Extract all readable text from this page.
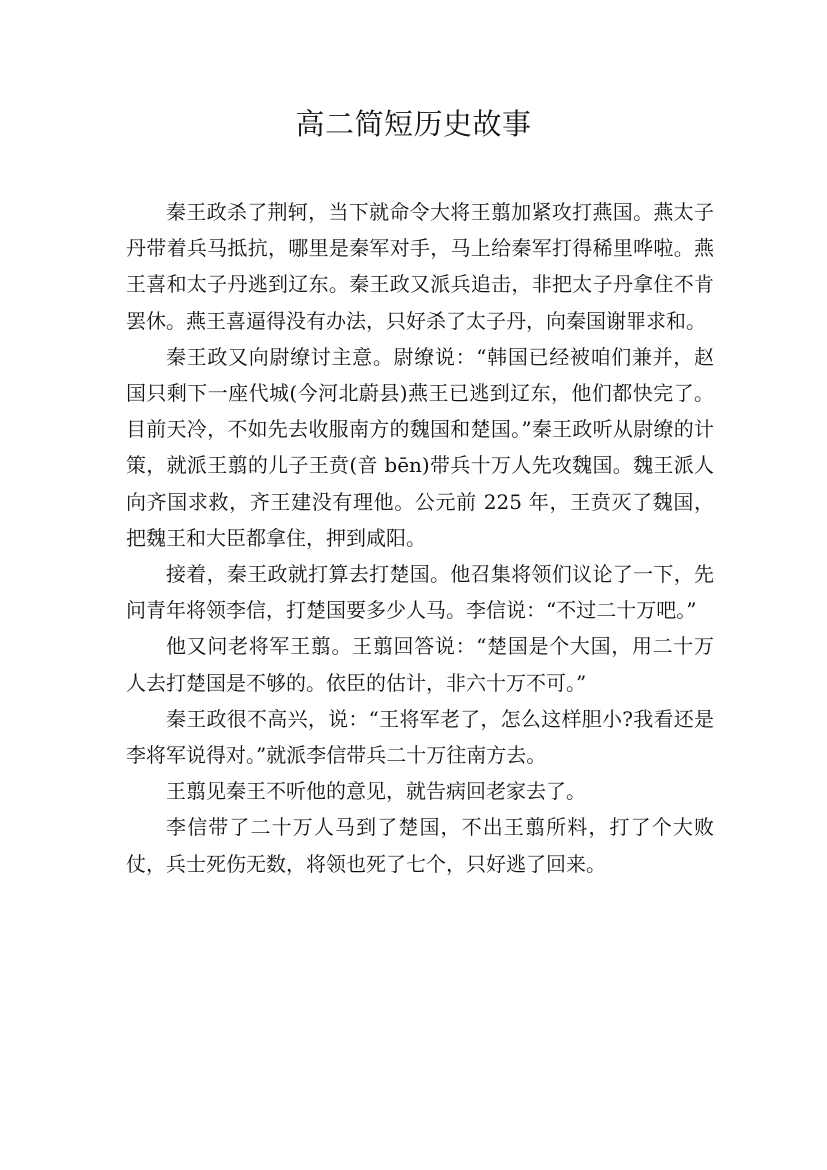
高二简短历史故事

秦王政杀了荆轲，当下就命令大将王翦加紧攻打燕国。燕太子丹带着兵马抵抗，哪里是秦军对手，马上给秦军打得稀里哗啦。燕王喜和太子丹逃到辽东。秦王政又派兵追击，非把太子丹拿住不肯罢休。燕王喜逼得没有办法，只好杀了太子丹，向秦国谢罪求和。

秦王政又向尉缭讨主意。尉缭说：“韩国已经被咱们兼并，赵国只剩下一座代城(今河北蔚县)燕王已逃到辽东，他们都快完了。目前天冷，不如先去收服南方的魏国和楚国。”秦王政听从尉缭的计策，就派王翦的儿子王贲(音 bēn)带兵十万人先攻魏国。魏王派人向齐国求救，齐王建没有理他。公元前 225 年，王贲灭了魏国，把魏王和大臣都拿住，押到咸阳。

接着，秦王政就打算去打楚国。他召集将领们议论了一下，先问青年将领李信，打楚国要多少人马。李信说：“不过二十万吧。”

他又问老将军王翦。王翦回答说：“楚国是个大国，用二十万人去打楚国是不够的。依臣的估计，非六十万不可。”

秦王政很不高兴，说：“王将军老了，怎么这样胆小?我看还是李将军说得对。”就派李信带兵二十万往南方去。

王翦见秦王不听他的意见，就告病回老家去了。

李信带了二十万人马到了楚国，不出王翦所料，打了个大败仗，兵士死伤无数，将领也死了七个，只好逃了回来。
